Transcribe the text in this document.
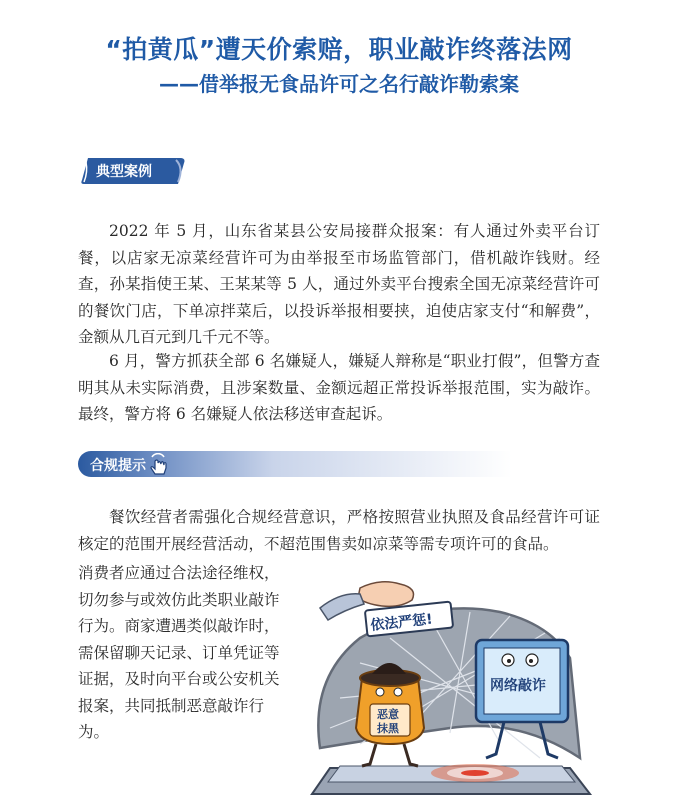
“拍黄瓜”遭天价索赔，职业敲诈终落法网
——借举报无食品许可之名行敲诈勒索案
典型案例

2022 年 5 月，山东省某县公安局接群众报案：有人通过外卖平台订餐，以店家无凉菜经营许可为由举报至市场监管部门，借机敲诈钱财。经查，孙某指使王某、王某某等 5 人，通过外卖平台搜索全国无凉菜经营许可的餐饮门店，下单凉拌菜后，以投诉举报相要挟，迫使店家支付“和解费”，金额从几百元到几千元不等。

6 月，警方抓获全部 6 名嫌疑人，嫌疑人辩称是“职业打假”，但警方查明其从未实际消费，且涉案数量、金额远超正常投诉举报范围，实为敲诈。最终，警方将 6 名嫌疑人依法移送审查起诉。

合规提示

餐饮经营者需强化合规经营意识，严格按照营业执照及食品经营许可证核定的范围开展经营活动，不超范围售卖如凉菜等需专项许可的食品。

消费者应通过合法途径维权，切勿参与或效仿此类职业敲诈行为。商家遭遇类似敲诈时，需保留聊天记录、订单凭证等证据，及时向平台或公安机关报案，共同抵制恶意敲诈行为。

依法严惩!
恶意
抹黑
网络敲诈
